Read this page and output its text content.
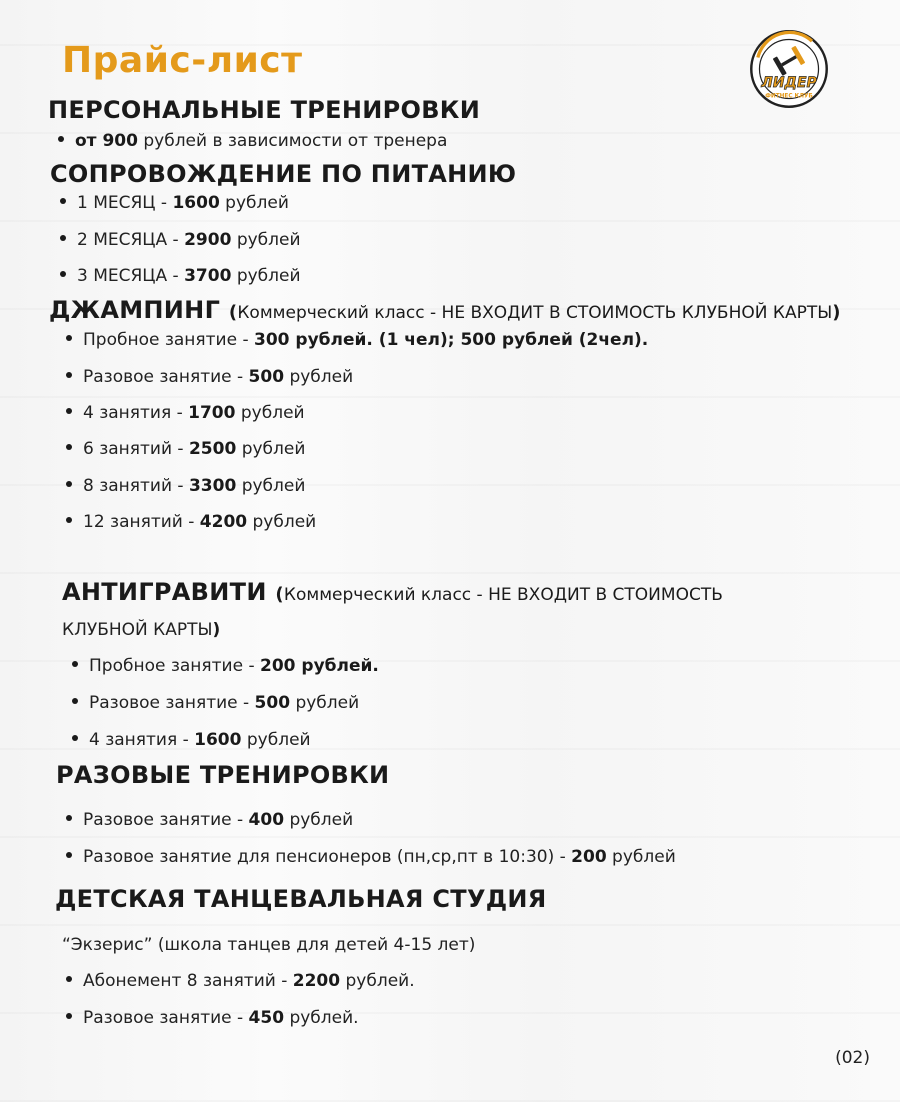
Прайс-лист
ЛИДЕР
ФИТНЕС КЛУБ
ПЕРСОНАЛЬНЫЕ ТРЕНИРОВКИ

от 900 рублей в зависимости от тренера

СОПРОВОЖДЕНИЕ ПО ПИТАНИЮ

1 МЕСЯЦ - 1600 рублей

2 МЕСЯЦА - 2900 рублей

3 МЕСЯЦА - 3700 рублей

ДЖАМПИНГ (Коммерческий класс - НЕ ВХОДИТ В СТОИМОСТЬ КЛУБНОЙ КАРТЫ)

Пробное занятие - 300 рублей. (1 чел); 500 рублей (2чел).

Разовое занятие - 500 рублей

4 занятия - 1700 рублей

6 занятий - 2500 рублей

8 занятий - 3300 рублей

12 занятий - 4200 рублей

АНТИГРАВИТИ (Коммерческий класс - НЕ ВХОДИТ В СТОИМОСТЬ

КЛУБНОЙ КАРТЫ)

Пробное занятие - 200 рублей.

Разовое занятие - 500 рублей

4 занятия - 1600 рублей

РАЗОВЫЕ ТРЕНИРОВКИ

Разовое занятие - 400 рублей

Разовое занятие для пенсионеров (пн,ср,пт в 10:30) - 200 рублей

ДЕТСКАЯ ТАНЦЕВАЛЬНАЯ СТУДИЯ

“Экзерис” (школа танцев для детей 4-15 лет)

Абонемент 8 занятий - 2200 рублей.

Разовое занятие - 450 рублей.

(02)
